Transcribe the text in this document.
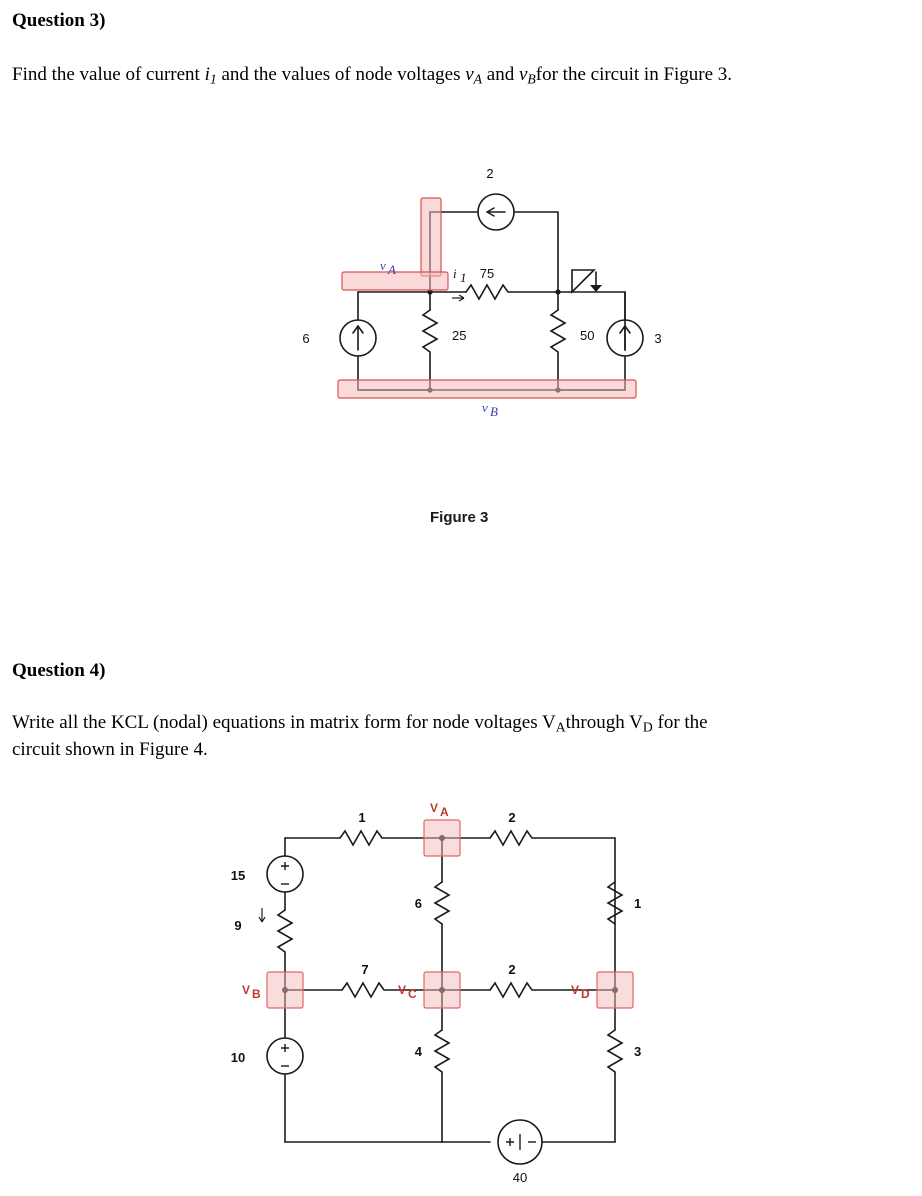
Question 3)
Find the value of current $i_1$ and the values of node voltages $v_A$ and $v_Bfor$ the circuit in Figure 3.
2
6	3
75
25	50
i 1
v A
v B
Figure 3
Question 4)
Write all the KCL (nodal) equations in matrix form for node voltages $V_Athrough$ $V_D$ for the
circuit shown in Figure 4.
1	2
6	1
7	2
4	3
15
9
10
40
V A
V B	V C	V D
